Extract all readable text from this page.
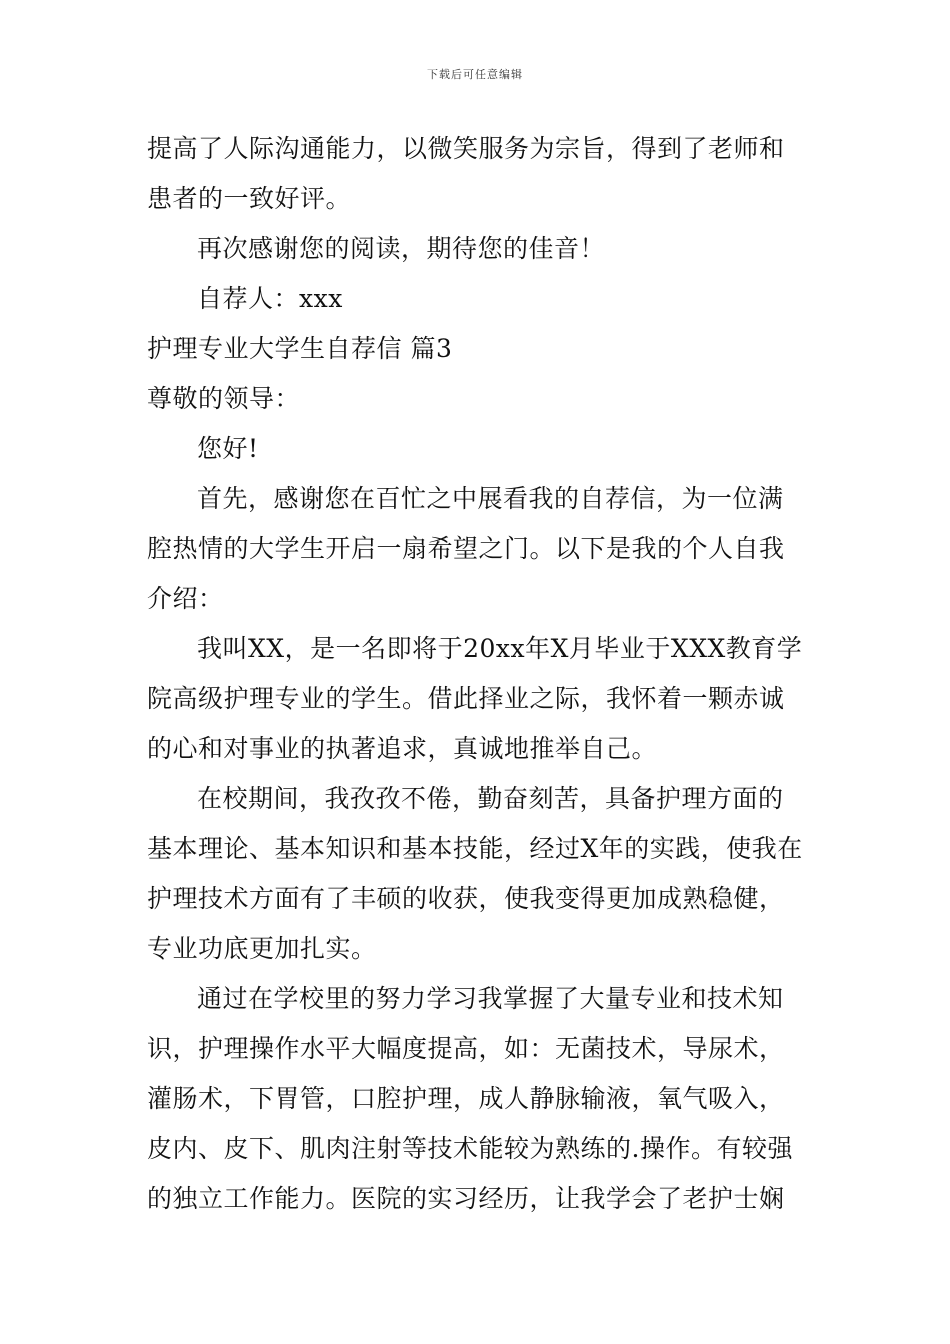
下载后可任意编辑
提高了人际沟通能力，以微笑服务为宗旨，得到了老师和
患者的一致好评。
再次感谢您的阅读，期待您的佳音！
自荐人：xxx
护理专业大学生自荐信 篇3
尊敬的领导：
您好!
首先，感谢您在百忙之中展看我的自荐信，为一位满
腔热情的大学生开启一扇希望之门。以下是我的个人自我
介绍：
我叫XX，是一名即将于20xx年X月毕业于XXX教育学
院高级护理专业的学生。借此择业之际，我怀着一颗赤诚
的心和对事业的执著追求，真诚地推举自己。
在校期间，我孜孜不倦，勤奋刻苦，具备护理方面的
基本理论、基本知识和基本技能，经过X年的实践，使我在
护理技术方面有了丰硕的收获，使我变得更加成熟稳健，
专业功底更加扎实。
通过在学校里的努力学习我掌握了大量专业和技术知
识，护理操作水平大幅度提高，如：无菌技术，导尿术，
灌肠术，下胃管，口腔护理，成人静脉输液，氧气吸入，
皮内、皮下、肌肉注射等技术能较为熟练的.操作。有较强
的独立工作能力。医院的实习经历，让我学会了老护士娴
